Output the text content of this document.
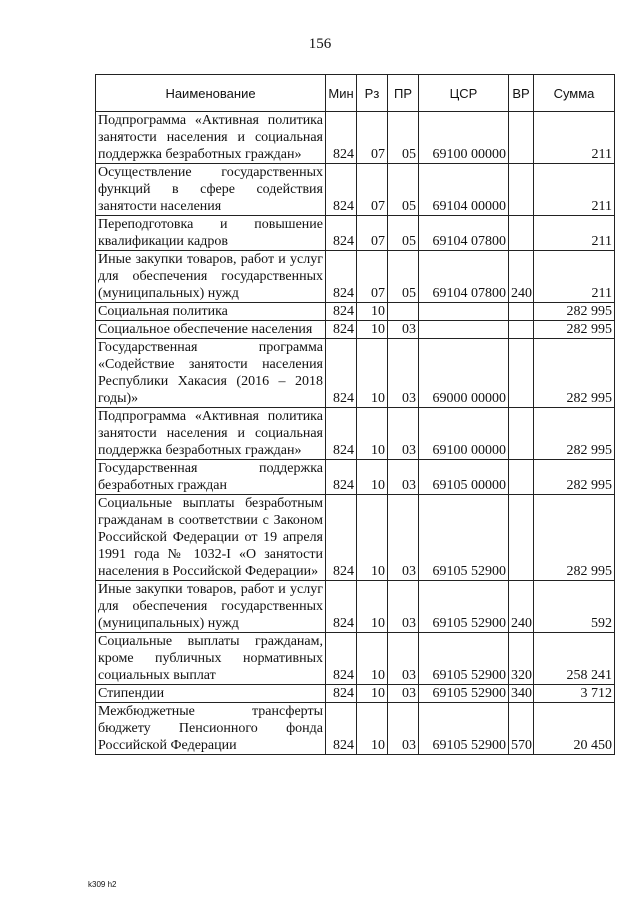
156
Наименование	Мин	Рз	ПР	ЦСР	ВР	Сумма
Подпрограмма «Активная политика занятости населения и социальная поддержка безработных граждан»	824	07	05	69100 00000		211
Осуществление государственных функций в сфере содействия занятости населения	824	07	05	69104 00000		211
Переподготовка и повышение квалификации кадров	824	07	05	69104 07800		211
Иные закупки товаров, работ и услуг для обеспечения государственных (муниципальных) нужд	824	07	05	69104 07800	240	211
Социальная политика	824	10				282 995
Социальное обеспечение населения	824	10	03			282 995
Государственная программа «Содействие занятости населения Республики Хакасия (2016 – 2018 годы)»	824	10	03	69000 00000		282 995
Подпрограмма «Активная политика занятости населения и социальная поддержка безработных граждан»	824	10	03	69100 00000		282 995
Государственная поддержка безработных граждан	824	10	03	69105 00000		282 995
Социальные выплаты безработным гражданам в соответствии с Законом Российской Федерации от 19 апреля 1991 года № 1032-I «О занятости населения в Российской Федерации»	824	10	03	69105 52900		282 995
Иные закупки товаров, работ и услуг для обеспечения государственных (муниципальных) нужд	824	10	03	69105 52900	240	592
Социальные выплаты гражданам, кроме публичных нормативных социальных выплат	824	10	03	69105 52900	320	258 241
Стипендии	824	10	03	69105 52900	340	3 712
Межбюджетные трансферты бюджету Пенсионного фонда Российской Федерации	824	10	03	69105 52900	570	20 450
k309 h2
